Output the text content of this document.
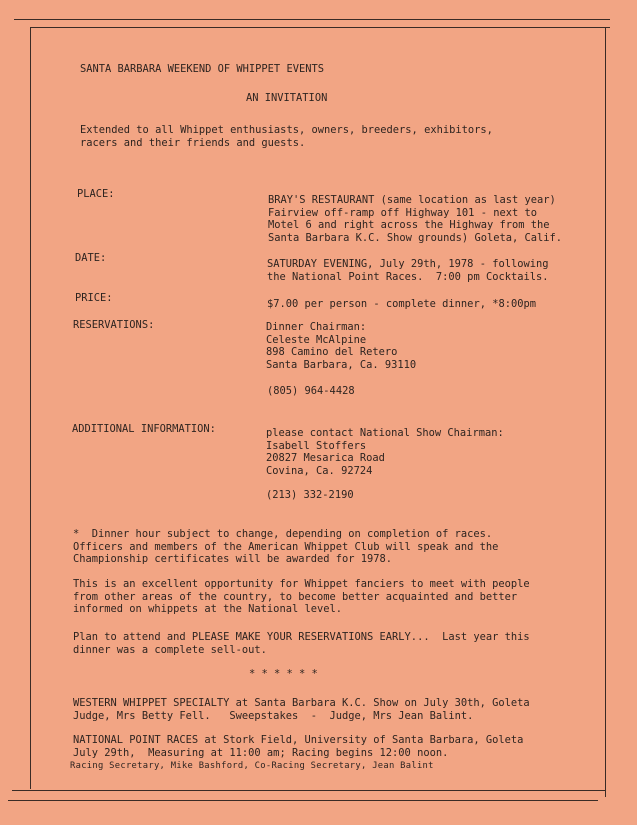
SANTA BARBARA WEEKEND OF WHIPPET EVENTS
AN INVITATION
Extended to all Whippet enthusiasts, owners, breeders, exhibitors,
racers and their friends and guests.
PLACE:	BRAY'S RESTAURANT (same location as last year)
Fairview off-ramp off Highway 101 - next to
Motel 6 and right across the Highway from the
Santa Barbara K.C. Show grounds) Goleta, Calif.
DATE:	SATURDAY EVENING, July 29th, 1978 - following
the National Point Races.  7:00 pm Cocktails.
PRICE:	$7.00 per person - complete dinner, *8:00pm
RESERVATIONS:	Dinner Chairman:
Celeste McAlpine
898 Camino del Retero
Santa Barbara, Ca. 93110
(805) 964-4428
ADDITIONAL INFORMATION:	please contact National Show Chairman:
Isabell Stoffers
20827 Mesarica Road
Covina, Ca. 92724
(213) 332-2190
*  Dinner hour subject to change, depending on completion of races.
Officers and members of the American Whippet Club will speak and the
Championship certificates will be awarded for 1978.
This is an excellent opportunity for Whippet fanciers to meet with people
from other areas of the country, to become better acquainted and better
informed on whippets at the National level.
Plan to attend and PLEASE MAKE YOUR RESERVATIONS EARLY...  Last year this
dinner was a complete sell-out.
* * * * * *
WESTERN WHIPPET SPECIALTY at Santa Barbara K.C. Show on July 30th, Goleta
Judge, Mrs Betty Fell.   Sweepstakes  -  Judge, Mrs Jean Balint.
NATIONAL POINT RACES at Stork Field, University of Santa Barbara, Goleta
July 29th,  Measuring at 11:00 am; Racing begins 12:00 noon.
Racing Secretary, Mike Bashford, Co-Racing Secretary, Jean Balint
